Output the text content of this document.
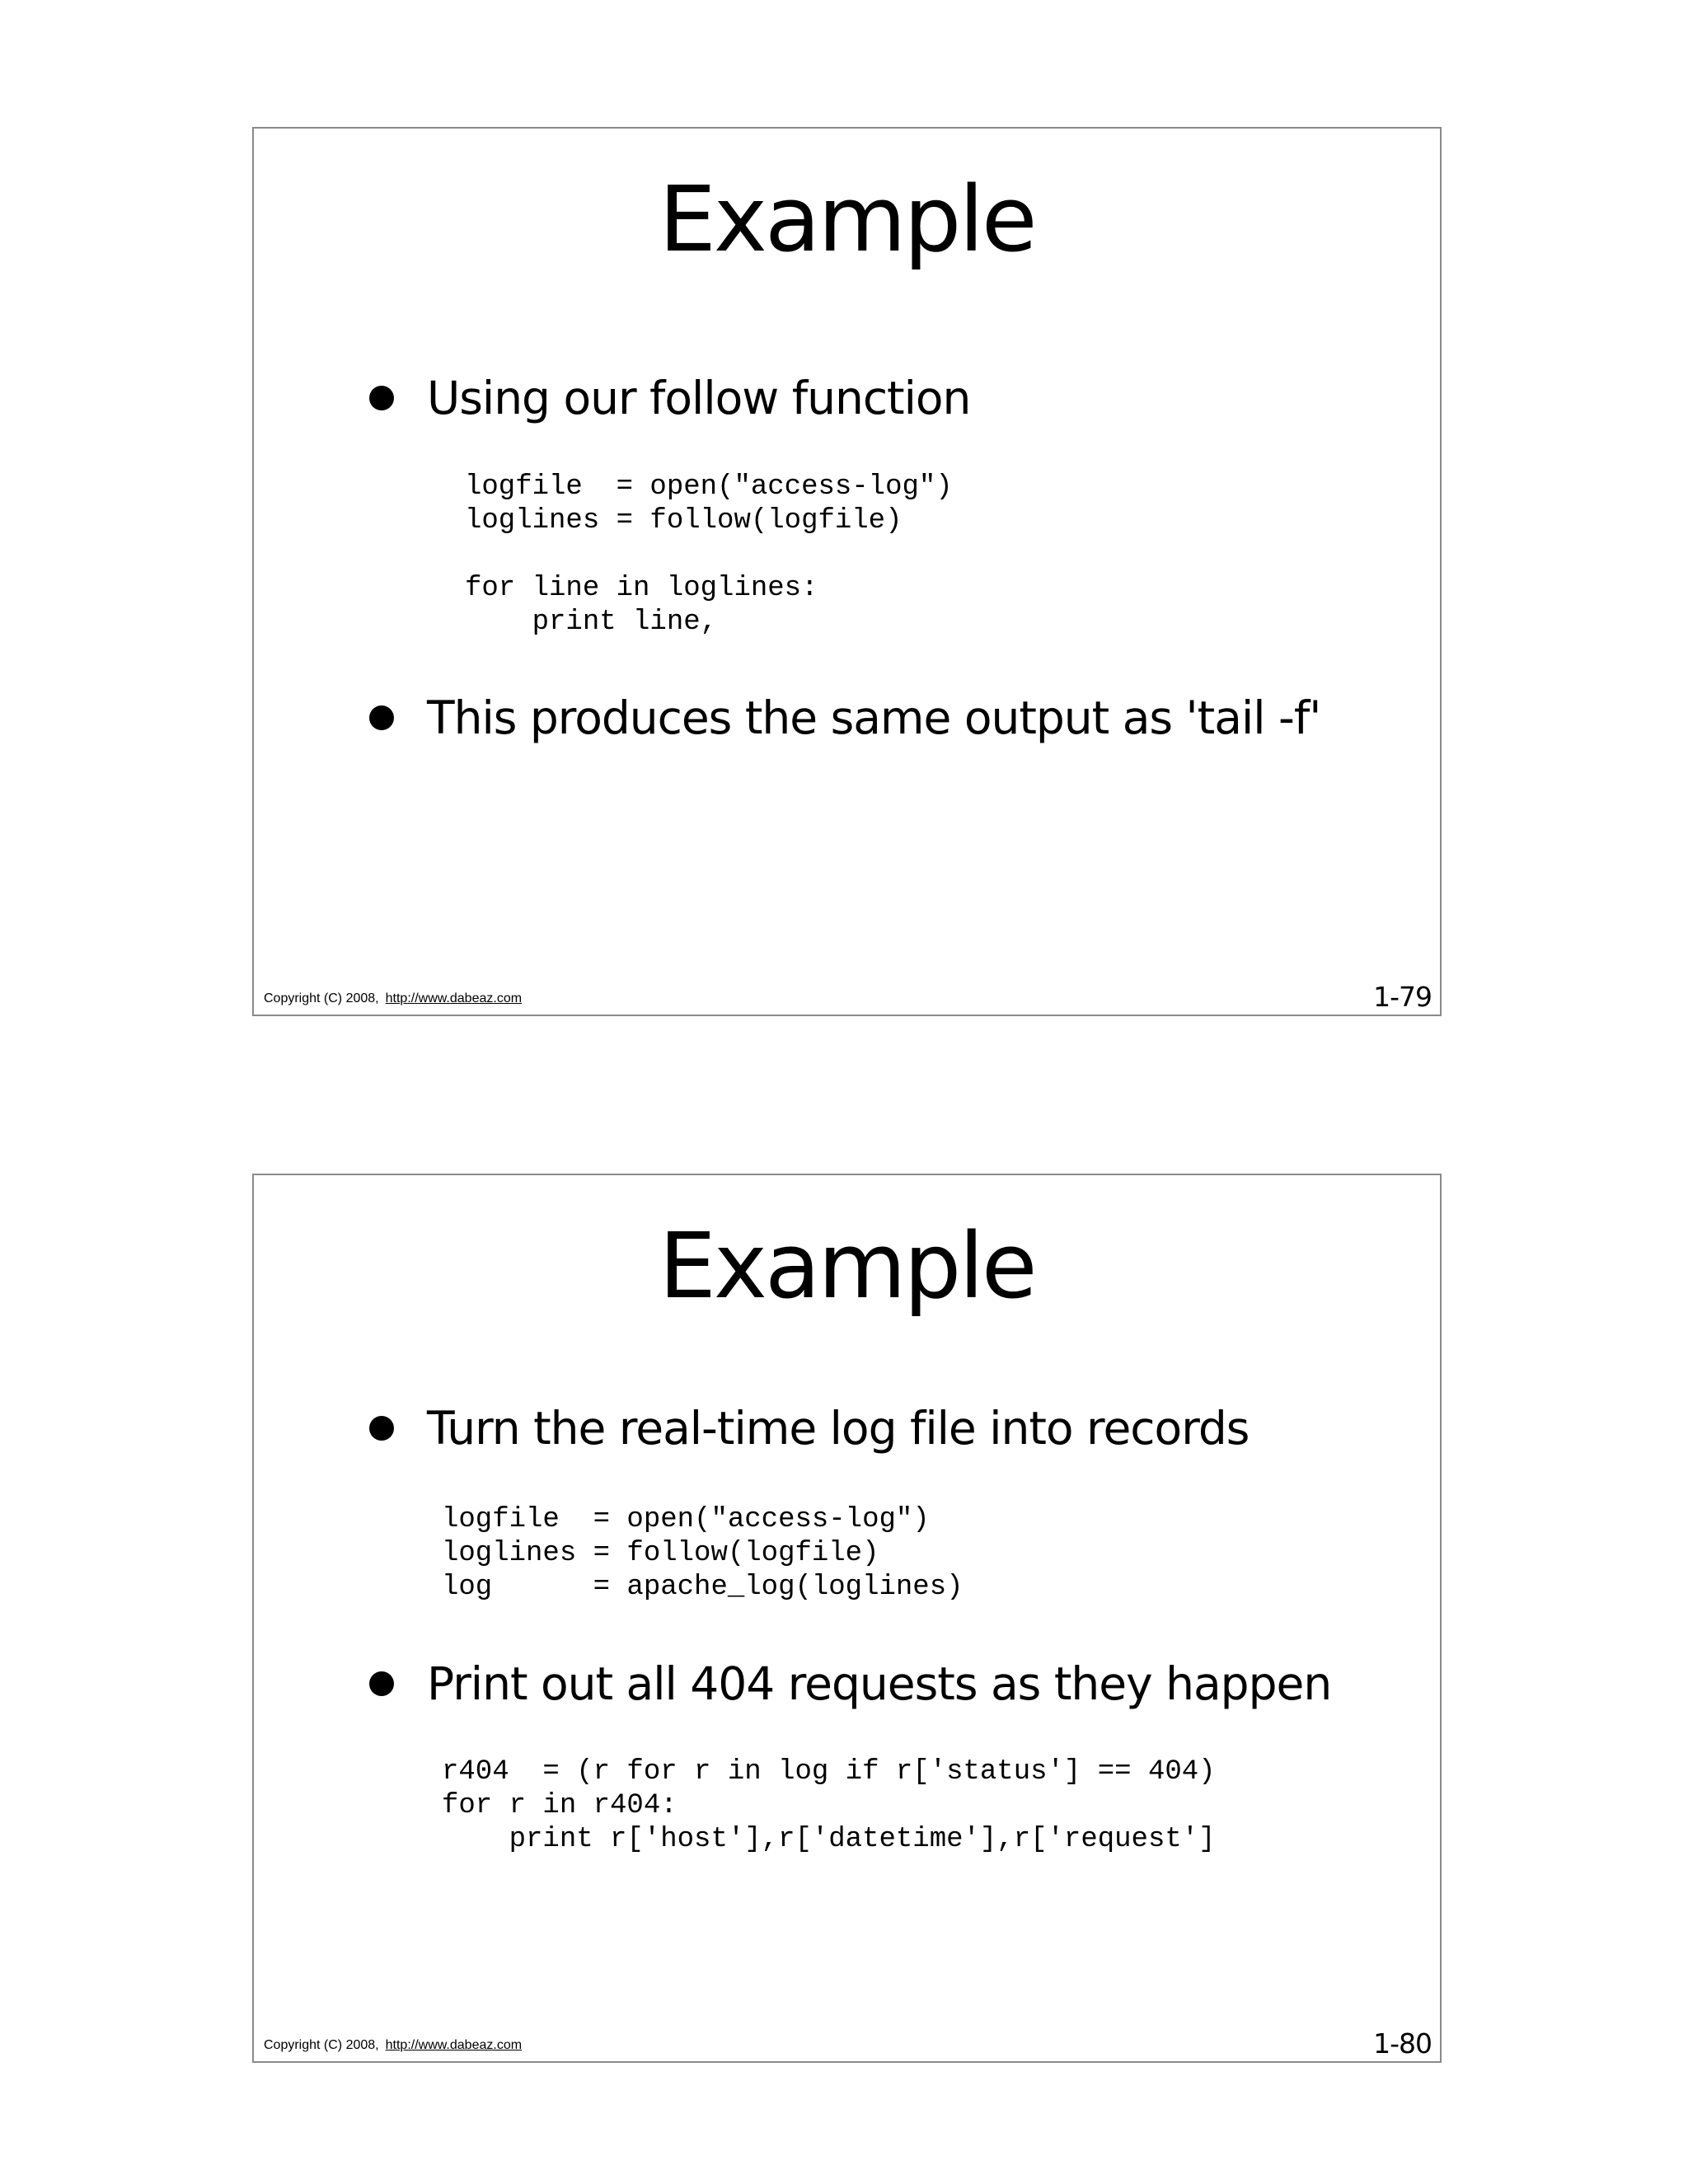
Example
Using our follow function
logfile  = open("access-log")
loglines = follow(logfile)

for line in loglines:
print line,
This produces the same output as 'tail -f'
Copyright (C) 2008, http://www.dabeaz.com	1-79
Example
Turn the real-time log file into records
logfile  = open("access-log")
loglines = follow(logfile)
log      = apache_log(loglines)
Print out all 404 requests as they happen
r404  = (r for r in log if r['status'] == 404)
for r in r404:
print r['host'],r['datetime'],r['request']
Copyright (C) 2008, http://www.dabeaz.com	1-80
